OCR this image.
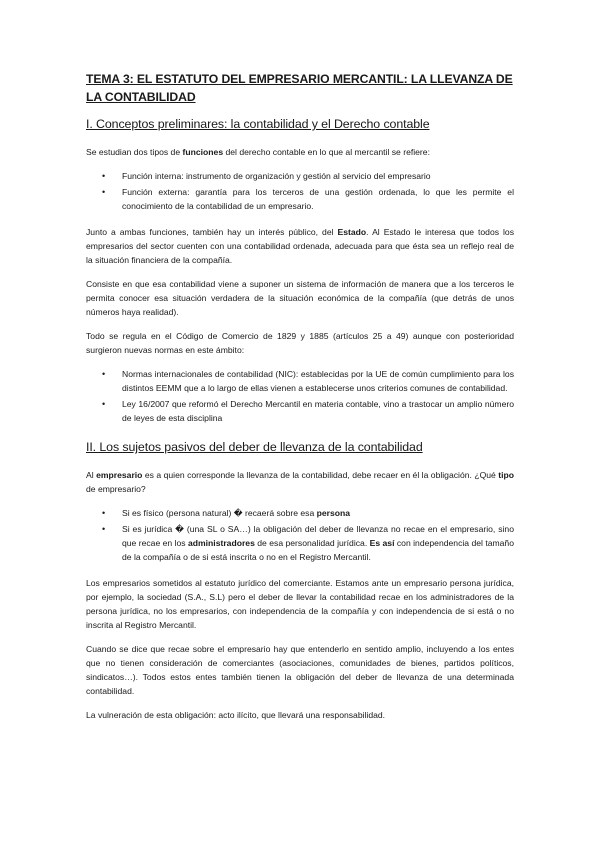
TEMA 3: EL ESTATUTO DEL EMPRESARIO MERCANTIL: LA LLEVANZA DE LA CONTABILIDAD
I. Conceptos preliminares: la contabilidad y el Derecho contable

Se estudian dos tipos de funciones del derecho contable en lo que al mercantil se refiere:

• Función interna: instrumento de organización y gestión al servicio del empresario
• Función externa: garantía para los terceros de una gestión ordenada, lo que les permite el conocimiento de la contabilidad de un empresario.

Junto a ambas funciones, también hay un interés público, del Estado. Al Estado le interesa que todos los empresarios del sector cuenten con una contabilidad ordenada, adecuada para que ésta sea un reflejo real de la situación financiera de la compañía.

Consiste en que esa contabilidad viene a suponer un sistema de información de manera que a los terceros le permita conocer esa situación verdadera de la situación económica de la compañía (que detrás de unos números haya realidad).

Todo se regula en el Código de Comercio de 1829 y 1885 (artículos 25 a 49) aunque con posterioridad surgieron nuevas normas en este ámbito:

• Normas internacionales de contabilidad (NIC): establecidas por la UE de común cumplimiento para los distintos EEMM que a lo largo de ellas vienen a establecerse unos criterios comunes de contabilidad.
• Ley 16/2007 que reformó el Derecho Mercantil en materia contable, vino a trastocar un amplio número de leyes de esta disciplina
II. Los sujetos pasivos del deber de llevanza de la contabilidad

Al empresario es a quien corresponde la llevanza de la contabilidad, debe recaer en él la obligación. ¿Qué tipo de empresario?

• Si es físico (persona natural) � recaerá sobre esa persona
• Si es jurídica � (una SL o SA…) la obligación del deber de llevanza no recae en el empresario, sino que recae en los administradores de esa personalidad jurídica. Es así con independencia del tamaño de la compañía o de si está inscrita o no en el Registro Mercantil.

Los empresarios sometidos al estatuto jurídico del comerciante. Estamos ante un empresario persona jurídica, por ejemplo, la sociedad (S.A., S.L) pero el deber de llevar la contabilidad recae en los administradores de la persona jurídica, no los empresarios, con independencia de la compañía y con independencia de si está o no inscrita al Registro Mercantil.

Cuando se dice que recae sobre el empresario hay que entenderlo en sentido amplio, incluyendo a los entes que no tienen consideración de comerciantes (asociaciones, comunidades de bienes, partidos políticos, sindicatos…). Todos estos entes también tienen la obligación del deber de llevanza de una determinada contabilidad.

La vulneración de esta obligación: acto ilícito, que llevará una responsabilidad.
